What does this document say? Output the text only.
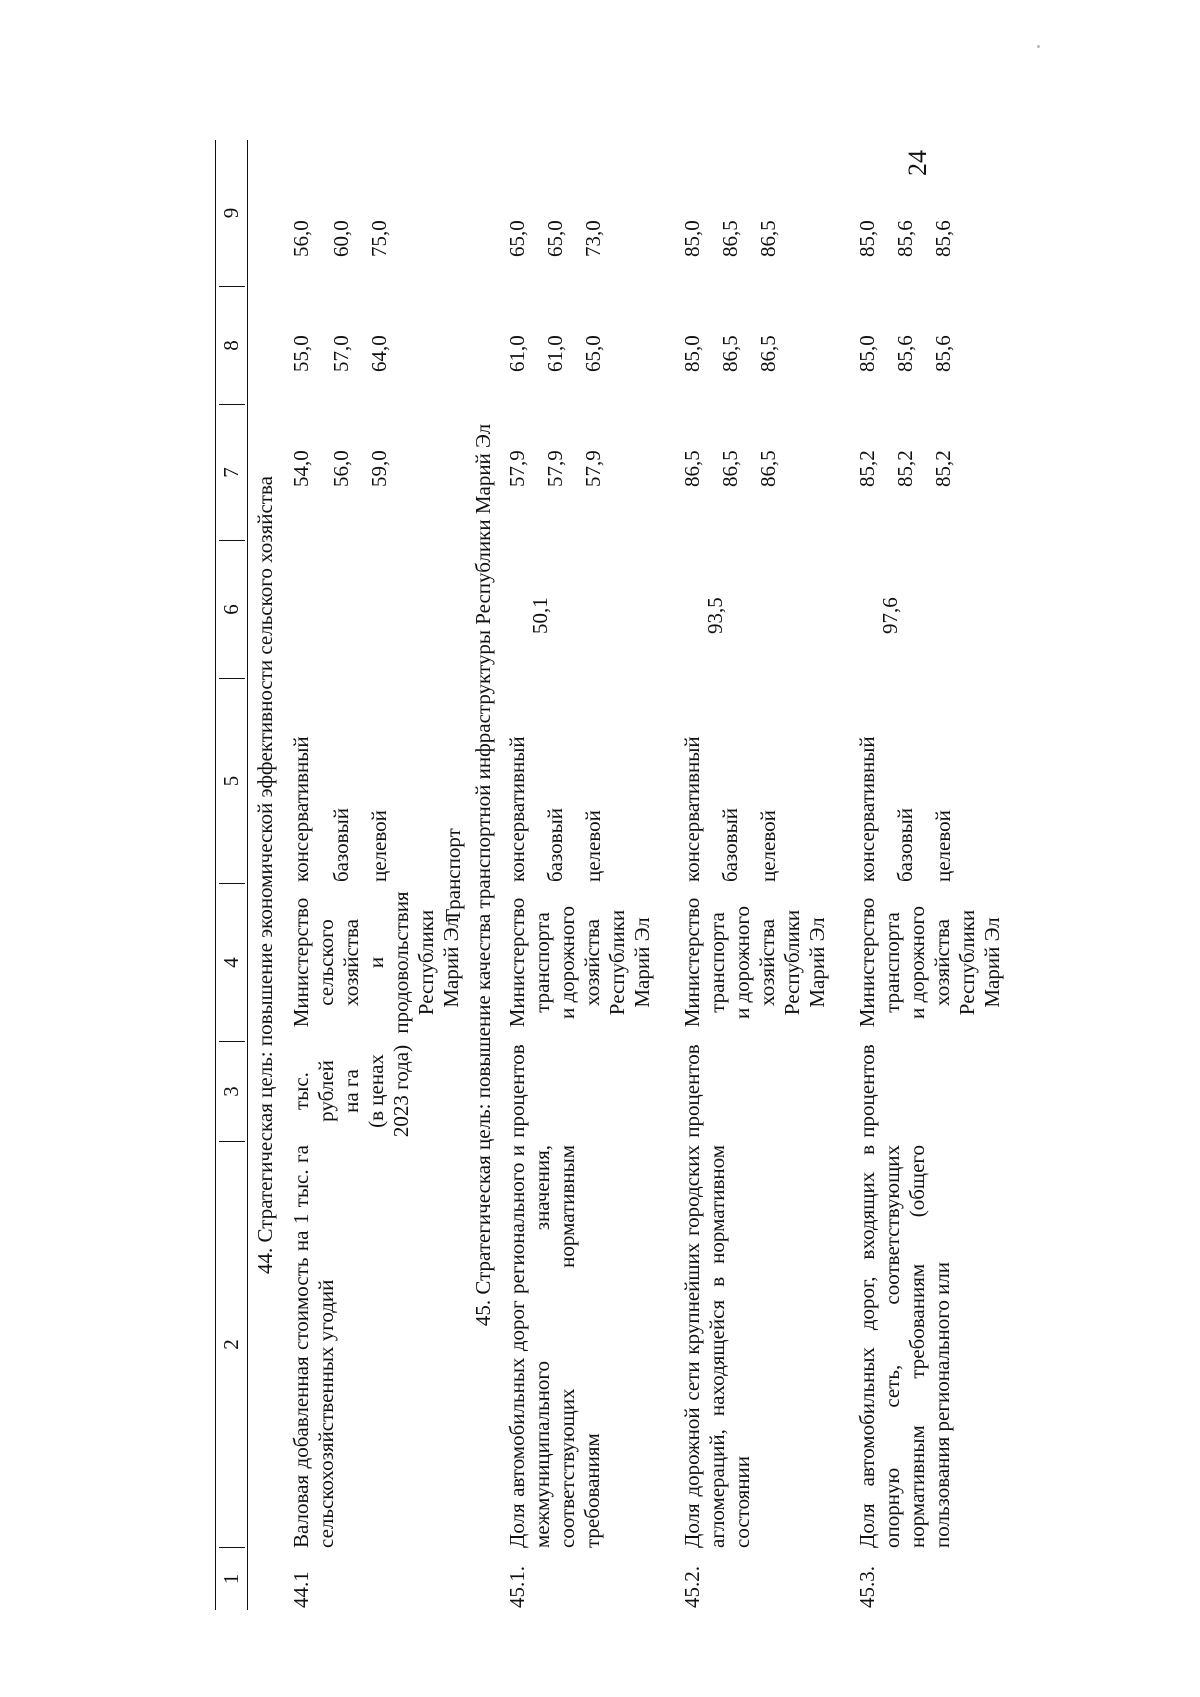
24
1
2
3
4
5
6
7
8
9
44. Стратегическая цель: повышение экономической эффективности сельского хозяйства
44.1
Валовая добавленная стоимость на 1 тыс. га сельскохозяйственных угодий
тыс. рублей на га (в ценах 2023 года)
Министерство сельского хозяйства и продовольствия Республики Марий Эл
консервативный
54,0
55,0
56,0
базовый
56,0
57,0
60,0
целевой
59,0
64,0
75,0
Транспорт 45. Стратегическая цель: повышение качества транспортной инфраструктуры Республики Марий Эл
45.1.
Доля автомобильных дорог регионального и межмуниципального значения, соответствующих нормативным требованиям
процентов
Министерство транспорта и дорожного хозяйства Республики Марий Эл
50,1
консервативный
57,9
61,0
65,0
базовый
57,9
61,0
65,0
целевой
57,9
65,0
73,0
45.2.
Доля дорожной сети крупнейших городских агломераций, находящейся в нормативном состоянии
процентов
Министерство транспорта и дорожного хозяйства Республики Марий Эл
93,5
консервативный
86,5
85,0
85,0
базовый
86,5
86,5
86,5
целевой
86,5
86,5
86,5
45.3.
Доля автомобильных дорог, входящих в опорную сеть, соответствующих нормативным требованиям (общего пользования регионального или
процентов
Министерство транспорта и дорожного хозяйства Республики Марий Эл
97,6
консервативный
85,2
85,0
85,0
базовый
85,2
85,6
85,6
целевой
85,2
85,6
85,6
